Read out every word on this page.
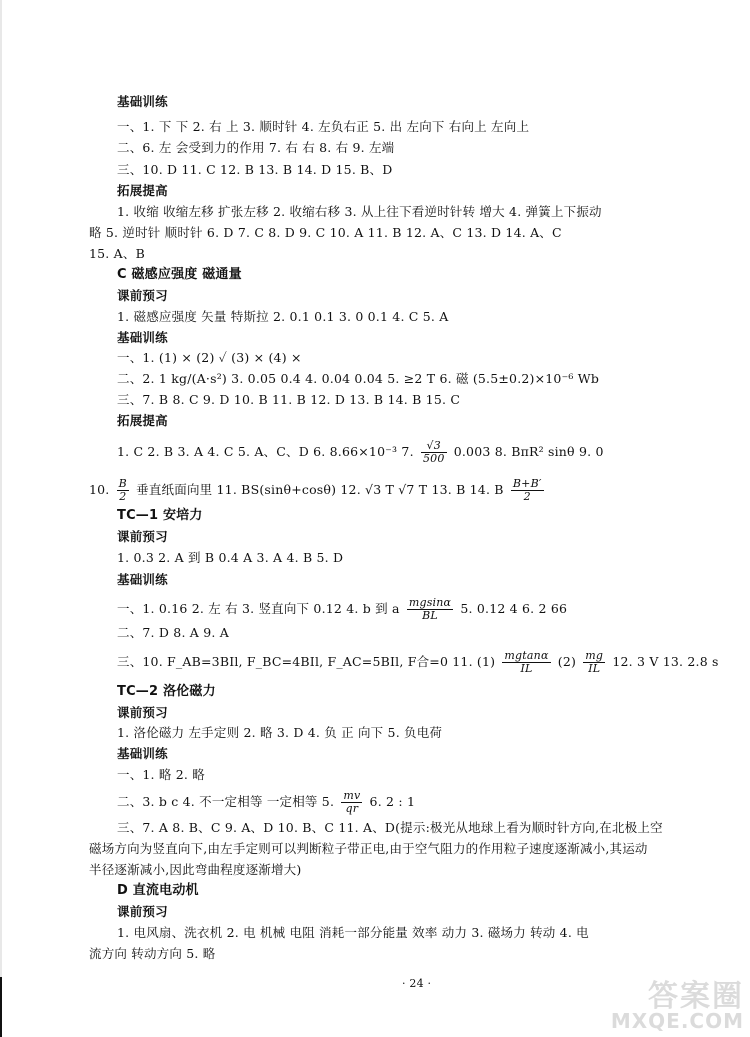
基础训练
一、1. 下 下 2. 右 上 3. 顺时针 4. 左负右正 5. 出 左向下 右向上 左向上
二、6. 左 会受到力的作用 7. 右 右 8. 右 9. 左端
三、10. D 11. C 12. B 13. B 14. D 15. B、D
拓展提高
1. 收缩 收缩左移 扩张左移 2. 收缩右移 3. 从上往下看逆时针转 增大 4. 弹簧上下振动
略 5. 逆时针 顺时针 6. D 7. C 8. D 9. C 10. A 11. B 12. A、C 13. D 14. A、C
15. A、B
C 磁感应强度 磁通量
课前预习
1. 磁感应强度 矢量 特斯拉 2. 0.1 0.1 3. 0 0.1 4. C 5. A
基础训练
一、1. (1) × (2) ✓ (3) × (4) ×
二、2. 1 kg/(A·s²) 3. 0.05 0.4 4. 0.04 0.04 5. ≥2 T 6. 磁 (5.5±0.2)×10⁻⁶ Wb
三、7. B 8. C 9. D 10. B 11. B 12. D 13. B 14. B 15. C
拓展提高
1. C 2. B 3. A 4. C 5. A、C、D 6. 8.66×10⁻³ 7. $\frac{√3}{500} 0.003$ 8. BπR² sinθ 9. 0
10. $\frac{B}{2}$ 垂直纸面向里 11. BS(sinθ+cosθ) 12. √3 T √7 T 13. B 14. B $\frac{B+B'}{2}$
TC—1 安培力
课前预习
1. 0.3 2. A 到 B 0.4 A 3. A 4. B 5. D
基础训练
一、1. 0.16 2. 左 右 3. 竖直向下 0.12 4. b 到 a $\frac{mgsin\alpha}{BL} 5$. 0.12 4 6. 2 66
二、7. D 8. A 9. A
三、10. F_AB=3BIl, F_BC=4BIl, F_AC=5BIl, F合=0 11. $(1) \frac{mgtan\alpha}{IL} (2) \frac{mg}{IL} 12$. 3 V 13. 2.8 s
TC—2 洛伦磁力
课前预习
1. 洛伦磁力 左手定则 2. 略 3. D 4. 负 正 向下 5. 负电荷
基础训练
一、1. 略 2. 略
二、3. b c 4. 不一定相等 一定相等 5. $\frac{mv}{qr} 6$. 2 : 1
三、7. A 8. B、C 9. A、D 10. B、C 11. A、D(提示:极光从地球上看为顺时针方向,在北极上空
磁场方向为竖直向下,由左手定则可以判断粒子带正电,由于空气阻力的作用粒子速度逐渐减小,其运动
半径逐渐减小,因此弯曲程度逐渐增大)
D 直流电动机
课前预习
1. 电风扇、洗衣机 2. 电 机械 电阻 消耗一部分能量 效率 动力 3. 磁场力 转动 4. 电
流方向 转动方向 5. 略
· 24 ·	答案圈
MXQE.COM
